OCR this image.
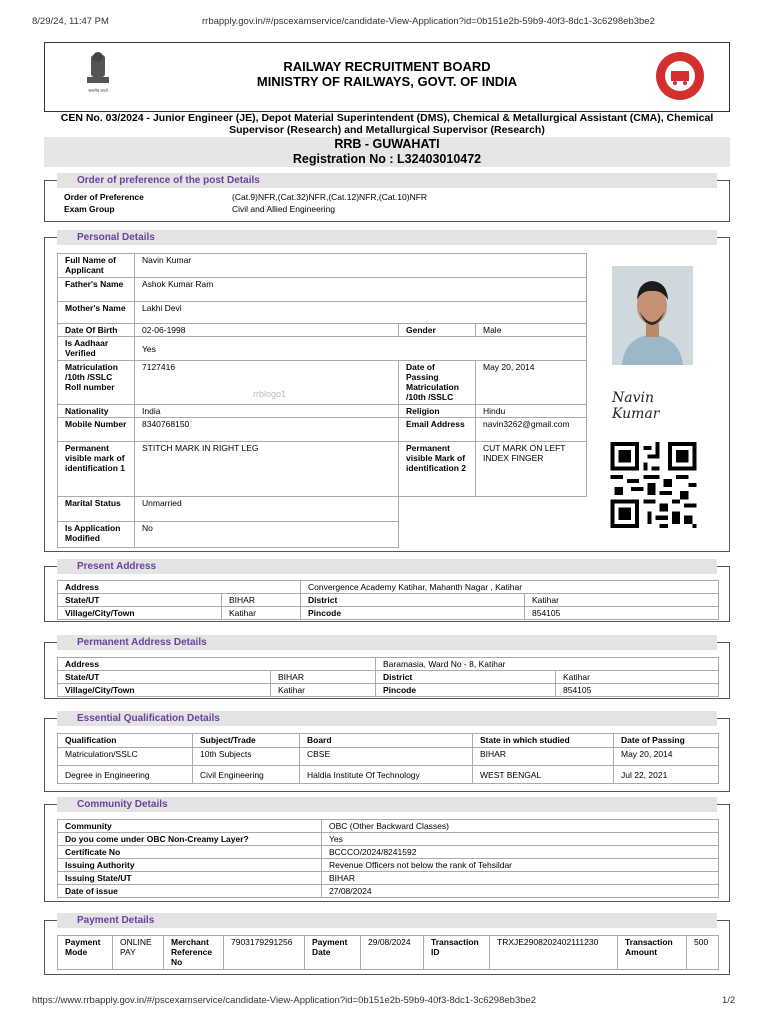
8/29/24, 11:47 PM	rrbapply.gov.in/#/pscexamservice/candidate-View-Application?id=0b151e2b-59b9-40f3-8dc1-3c6298eb3be2
सत्यमेव जयते
RAILWAY RECRUITMENT BOARD
MINISTRY OF RAILWAYS, GOVT. OF INDIA
CEN No. 03/2024 - Junior Engineer (JE), Depot Material Superintendent (DMS), Chemical & Metallurgical Assistant (CMA), Chemical Supervisor (Research) and Metallurgical Supervisor (Research)
RRB - GUWAHATI
Registration No : L32403010472
Order of preference of the post Details
Order of Preference	(Cat.9)NFR,(Cat.32)NFR,(Cat.12)NFR,(Cat.10)NFR
Exam Group	Civil and Allied Engineering
Personal Details
Full Name of Applicant	Navin Kumar		
Father's Name	Ashok Kumar Ram		
Mother's Name	Lakhi Devi		
Date Of Birth	02-06-1998	Gender	Male
Is Aadhaar Verified	Yes		
Matriculation /10th /SSLC Roll number	7127416	Date of Passing Matriculation /10th /SSLC	May 20, 2014
Nationality	India	Religion	Hindu
Mobile Number	8340768150	Email Address	navin3262@gmail.com
Permanent visible mark of identification 1	STITCH MARK IN RIGHT LEG	Permanent visible Mark of identification 2	CUT MARK ON LEFT INDEX FINGER
Marital Status	Unmarried		
Is Application Modified	No		
rrblogo1	Navin Kumar
Present Address
Address		Convergence Academy Katihar, Mahanth Nagar , Katihar	
State/UT	BIHAR	District	Katihar
Village/City/Town	Katihar	Pincode	854105
Permanent Address Details
Address		Baramasia, Ward No - 8, Katihar	
State/UT	BIHAR	District	Katihar
Village/City/Town	Katihar	Pincode	854105
Essential Qualification Details
Qualification	Subject/Trade	Board	State in which studied	Date of Passing
Matriculation/SSLC	10th Subjects	CBSE	BIHAR	May 20, 2014
Degree in Engineering	Civil Engineering	Haldia Institute Of Technology	WEST BENGAL	Jul 22, 2021
Community Details
Community	OBC (Other Backward Classes)
Do you come under OBC Non-Creamy Layer?	Yes
Certificate No	BCCCO/2024/8241592
Issuing Authority	Revenue Officers not below the rank of Tehsildar
Issuing State/UT	BIHAR
Date of issue	27/08/2024
Payment Details
Payment Mode	ONLINE PAY	Merchant Reference No	7903179291256	Payment Date	29/08/2024	Transaction ID	TRXJE2908202402111230	Transaction Amount	500
https://www.rrbapply.gov.in/#/pscexamservice/candidate-View-Application?id=0b151e2b-59b9-40f3-8dc1-3c6298eb3be2	1/2
